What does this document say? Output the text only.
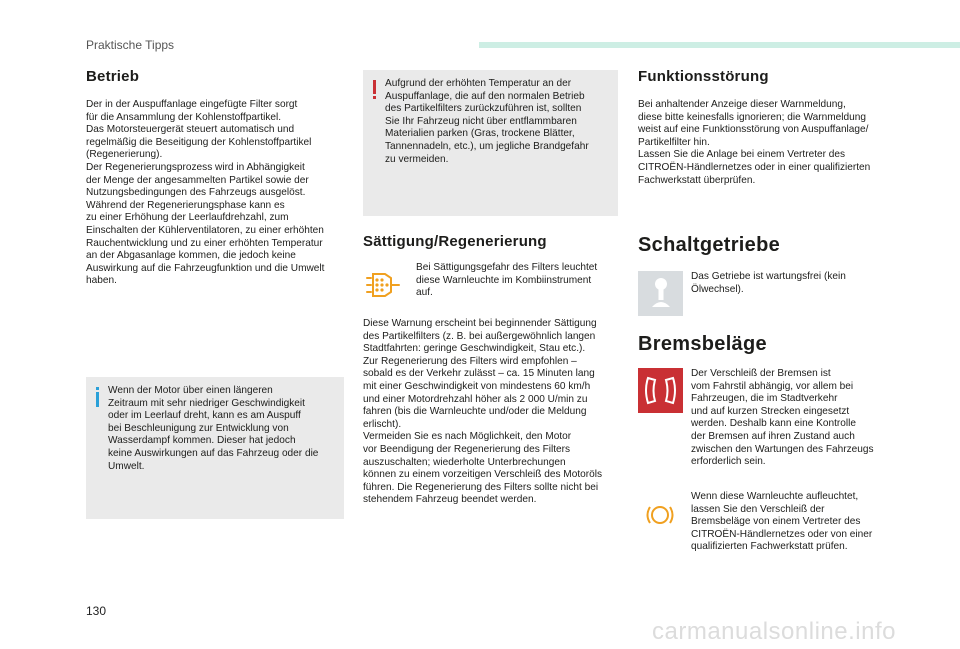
Praktische Tipps
Betrieb
Der in der Auspuffanlage eingefügte Filter sorgt
für die Ansammlung der Kohlenstoffpartikel.
Das Motorsteuergerät steuert automatisch und
regelmäßig die Beseitigung der Kohlenstoffpartikel
(Regenerierung).
Der Regenerierungsprozess wird in Abhängigkeit
der Menge der angesammelten Partikel sowie der
Nutzungsbedingungen des Fahrzeugs ausgelöst.
Während der Regenerierungsphase kann es
zu einer Erhöhung der Leerlaufdrehzahl, zum
Einschalten der Kühlerventilatoren, zu einer erhöhten
Rauchentwicklung und zu einer erhöhten Temperatur
an der Abgasanlage kommen, die jedoch keine
Auswirkung auf die Fahrzeugfunktion und die Umwelt
haben.
Wenn der Motor über einen längeren
Zeitraum mit sehr niedriger Geschwindigkeit
oder im Leerlauf dreht, kann es am Auspuff
bei Beschleunigung zur Entwicklung von
Wasserdampf kommen. Dieser hat jedoch
keine Auswirkungen auf das Fahrzeug oder die
Umwelt.
Aufgrund der erhöhten Temperatur an der
Auspuffanlage, die auf den normalen Betrieb
des Partikelfilters zurückzuführen ist, sollten
Sie Ihr Fahrzeug nicht über entflammbaren
Materialien parken (Gras, trockene Blätter,
Tannennadeln, etc.), um jegliche Brandgefahr
zu vermeiden.
Sättigung/Regenerierung
Bei Sättigungsgefahr des Filters leuchtet
diese Warnleuchte im Kombiinstrument
auf.
Diese Warnung erscheint bei beginnender Sättigung
des Partikelfilters (z. B. bei außergewöhnlich langen
Stadtfahrten: geringe Geschwindigkeit, Stau etc.).
Zur Regenerierung des Filters wird empfohlen –
sobald es der Verkehr zulässt – ca. 15 Minuten lang
mit einer Geschwindigkeit von mindestens 60 km/h
und einer Motordrehzahl höher als 2 000 U/min zu
fahren (bis die Warnleuchte und/oder die Meldung
erlischt).
Vermeiden Sie es nach Möglichkeit, den Motor
vor Beendigung der Regenerierung des Filters
auszuschalten; wiederholte Unterbrechungen
können zu einem vorzeitigen Verschleiß des Motoröls
führen. Die Regenerierung des Filters sollte nicht bei
stehendem Fahrzeug beendet werden.
Funktionsstörung
Bei anhaltender Anzeige dieser Warnmeldung,
diese bitte keinesfalls ignorieren; die Warnmeldung
weist auf eine Funktionsstörung von Auspuffanlage/
Partikelfilter hin.
Lassen Sie die Anlage bei einem Vertreter des
CITROËN-Händlernetzes oder in einer qualifizierten
Fachwerkstatt überprüfen.
Schaltgetriebe
Das Getriebe ist wartungsfrei (kein
Ölwechsel).
Bremsbeläge
Der Verschleiß der Bremsen ist
vom Fahrstil abhängig, vor allem bei
Fahrzeugen, die im Stadtverkehr
und auf kurzen Strecken eingesetzt
werden. Deshalb kann eine Kontrolle
der Bremsen auf ihren Zustand auch
zwischen den Wartungen des Fahrzeugs
erforderlich sein.
Wenn diese Warnleuchte aufleuchtet,
lassen Sie den Verschleiß der
Bremsbeläge von einem Vertreter des
CITROËN-Händlernetzes oder von einer
qualifizierten Fachwerkstatt prüfen.
130
carmanualsonline.info
